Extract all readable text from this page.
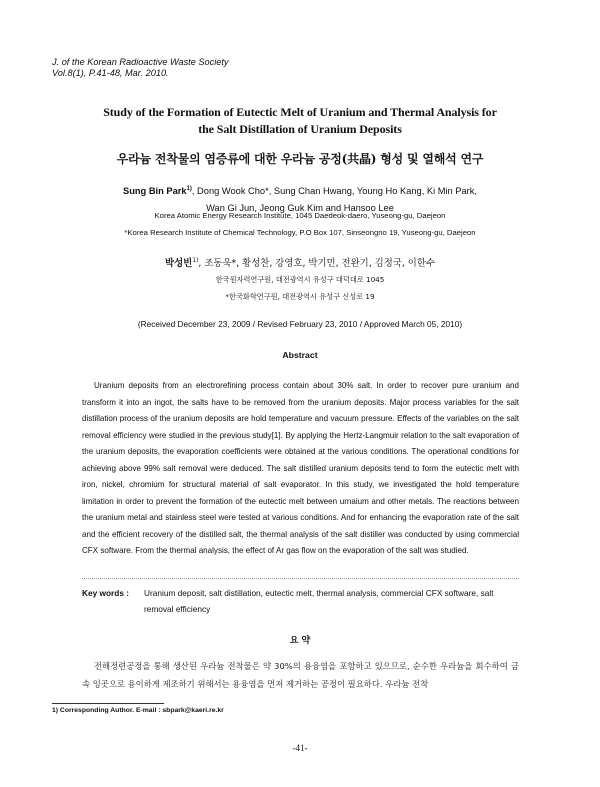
J. of the Korean Radioactive Waste Society
Vol.8(1), P.41-48, Mar. 2010.
Study of the Formation of Eutectic Melt of Uranium and Thermal Analysis for
the Salt Distillation of Uranium Deposits
우라늄 전착물의 염증류에 대한 우라늄 공정(共晶) 형성 및 열해석 연구
Sung Bin Park$^{1)}$, Dong Wook Cho*, Sung Chan Hwang, Young Ho Kang, Ki Min Park,
Wan Gi Jun, Jeong Guk Kim and Hansoo Lee
Korea Atomic Energy Research Institute, 1045 Daedeok-daero, Yuseong-gu, Daejeon
*Korea Research Institute of Chemical Technology, P.O Box 107, Sinseongno 19, Yuseong-gu, Daejeon
박성빈$^{1)}$, 조동욱*, 황성찬, 강영호, 박기민, 전완기, 김정국, 이한수
한국원자력연구원, 대전광역시 유성구 대덕대로 1045
*한국화학연구원, 대전광역시 유성구 신성로 19
(Received December 23, 2009 / Revised February 23, 2010 / Approved March 05, 2010)
Abstract

Uranium deposits from an electrorefining process contain about 30% salt. In order to recover pure uranium and transform it into an ingot, the salts have to be removed from the uranium deposits. Major process variables for the salt distillation process of the uranium deposits are hold temperature and vacuum pressure. Effects of the variables on the salt removal efficiency were studied in the previous study[1]. By applying the Hertz-Langmuir relation to the salt evaporation of the uranium deposits, the evaporation coefficients were obtained at the various conditions. The operational conditions for achieving above 99% salt removal were deduced. The salt distilled uranium deposits tend to form the eutectic melt with iron, nickel, chromium for structural material of salt evaporator. In this study, we investigated the hold temperature limitation in order to prevent the formation of the eutectic melt between urnaium and other metals. The reactions between the uranium metal and stainless steel were tested at various conditions. And for enhancing the evaporation rate of the salt and the efficient recovery of the distilled salt, the thermal analysis of the salt distiller was conducted by using commercial CFX software. From the thermal analysis, the effect of Ar gas flow on the evaporation of the salt was studied.

Key words :	Uranium deposit, salt distillation, eutectic melt, thermal analysis, commercial CFX software, salt removal efficiency
요 약

전해정련공정을 통해 생산된 우라늄 전착물은 약 30%의 용융염을 포함하고 있으므로, 순수한 우라늄을 회수하여 금속 잉곳으로 용이하게 제조하기 위해서는 용융염을 먼저 제거하는 공정이 필요하다. 우라늄 전착

1) Corresponding Author. E-mail : sbpark@kaeri.re.kr
-41-
